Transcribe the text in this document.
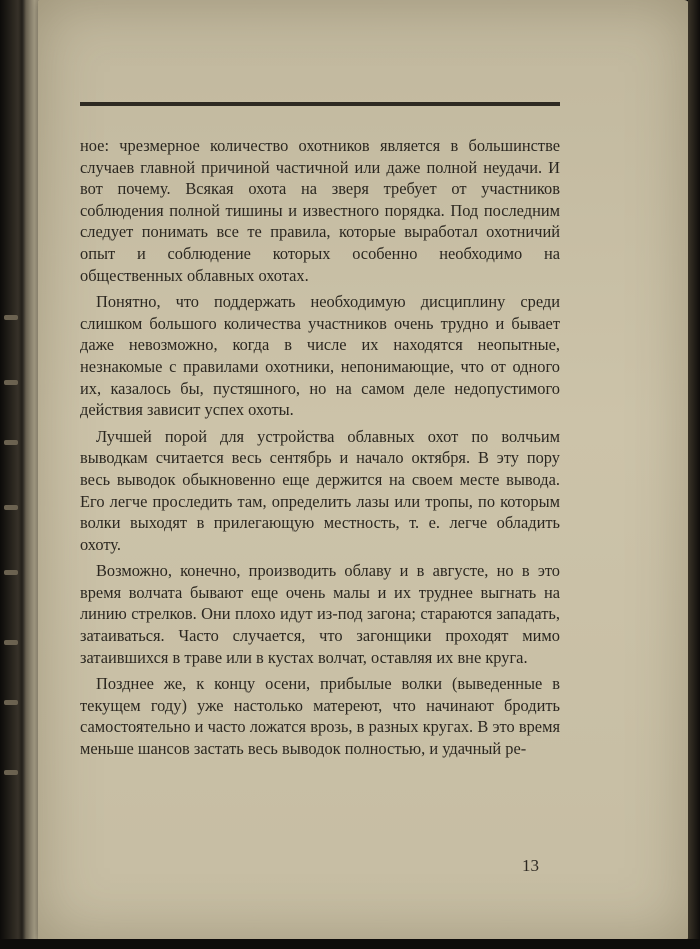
ное: чрезмерное количество охотников является в большинстве случаев главной причиной частичной или даже полной неудачи. И вот почему. Всякая охота на зверя требует от участников соблюдения полной тишины и известного порядка. Под последним следует понимать все те правила, которые выработал охотничий опыт и соблюдение которых особенно необходимо на общественных облавных охотах.

Понятно, что поддержать необходимую дисциплину среди слишком большого количества участников очень трудно и бывает даже невозможно, когда в числе их находятся неопытные, незнакомые с правилами охотники, непонимающие, что от одного их, казалось бы, пустяшного, но на самом деле недопустимого действия зависит успех охоты.

Лучшей порой для устройства облавных охот по волчьим выводкам считается весь сентябрь и начало октября. В эту пору весь выводок обыкновенно еще держится на своем месте вывода. Его легче проследить там, определить лазы или тропы, по которым волки выходят в прилегающую местность, т. е. легче обладить охоту.

Возможно, конечно, производить облаву и в августе, но в это время волчата бывают еще очень малы и их труднее выгнать на линию стрелков. Они плохо идут из-под загона; стараются западать, затаиваться. Часто случается, что загонщики проходят мимо затаившихся в траве или в кустах волчат, оставляя их вне круга.

Позднее же, к концу осени, прибылые волки (выведенные в текущем году) уже настолько матереют, что начинают бродить самостоятельно и часто ложатся врозь, в разных кругах. В это время меньше шансов застать весь выводок полностью, и удачный ре-

13
